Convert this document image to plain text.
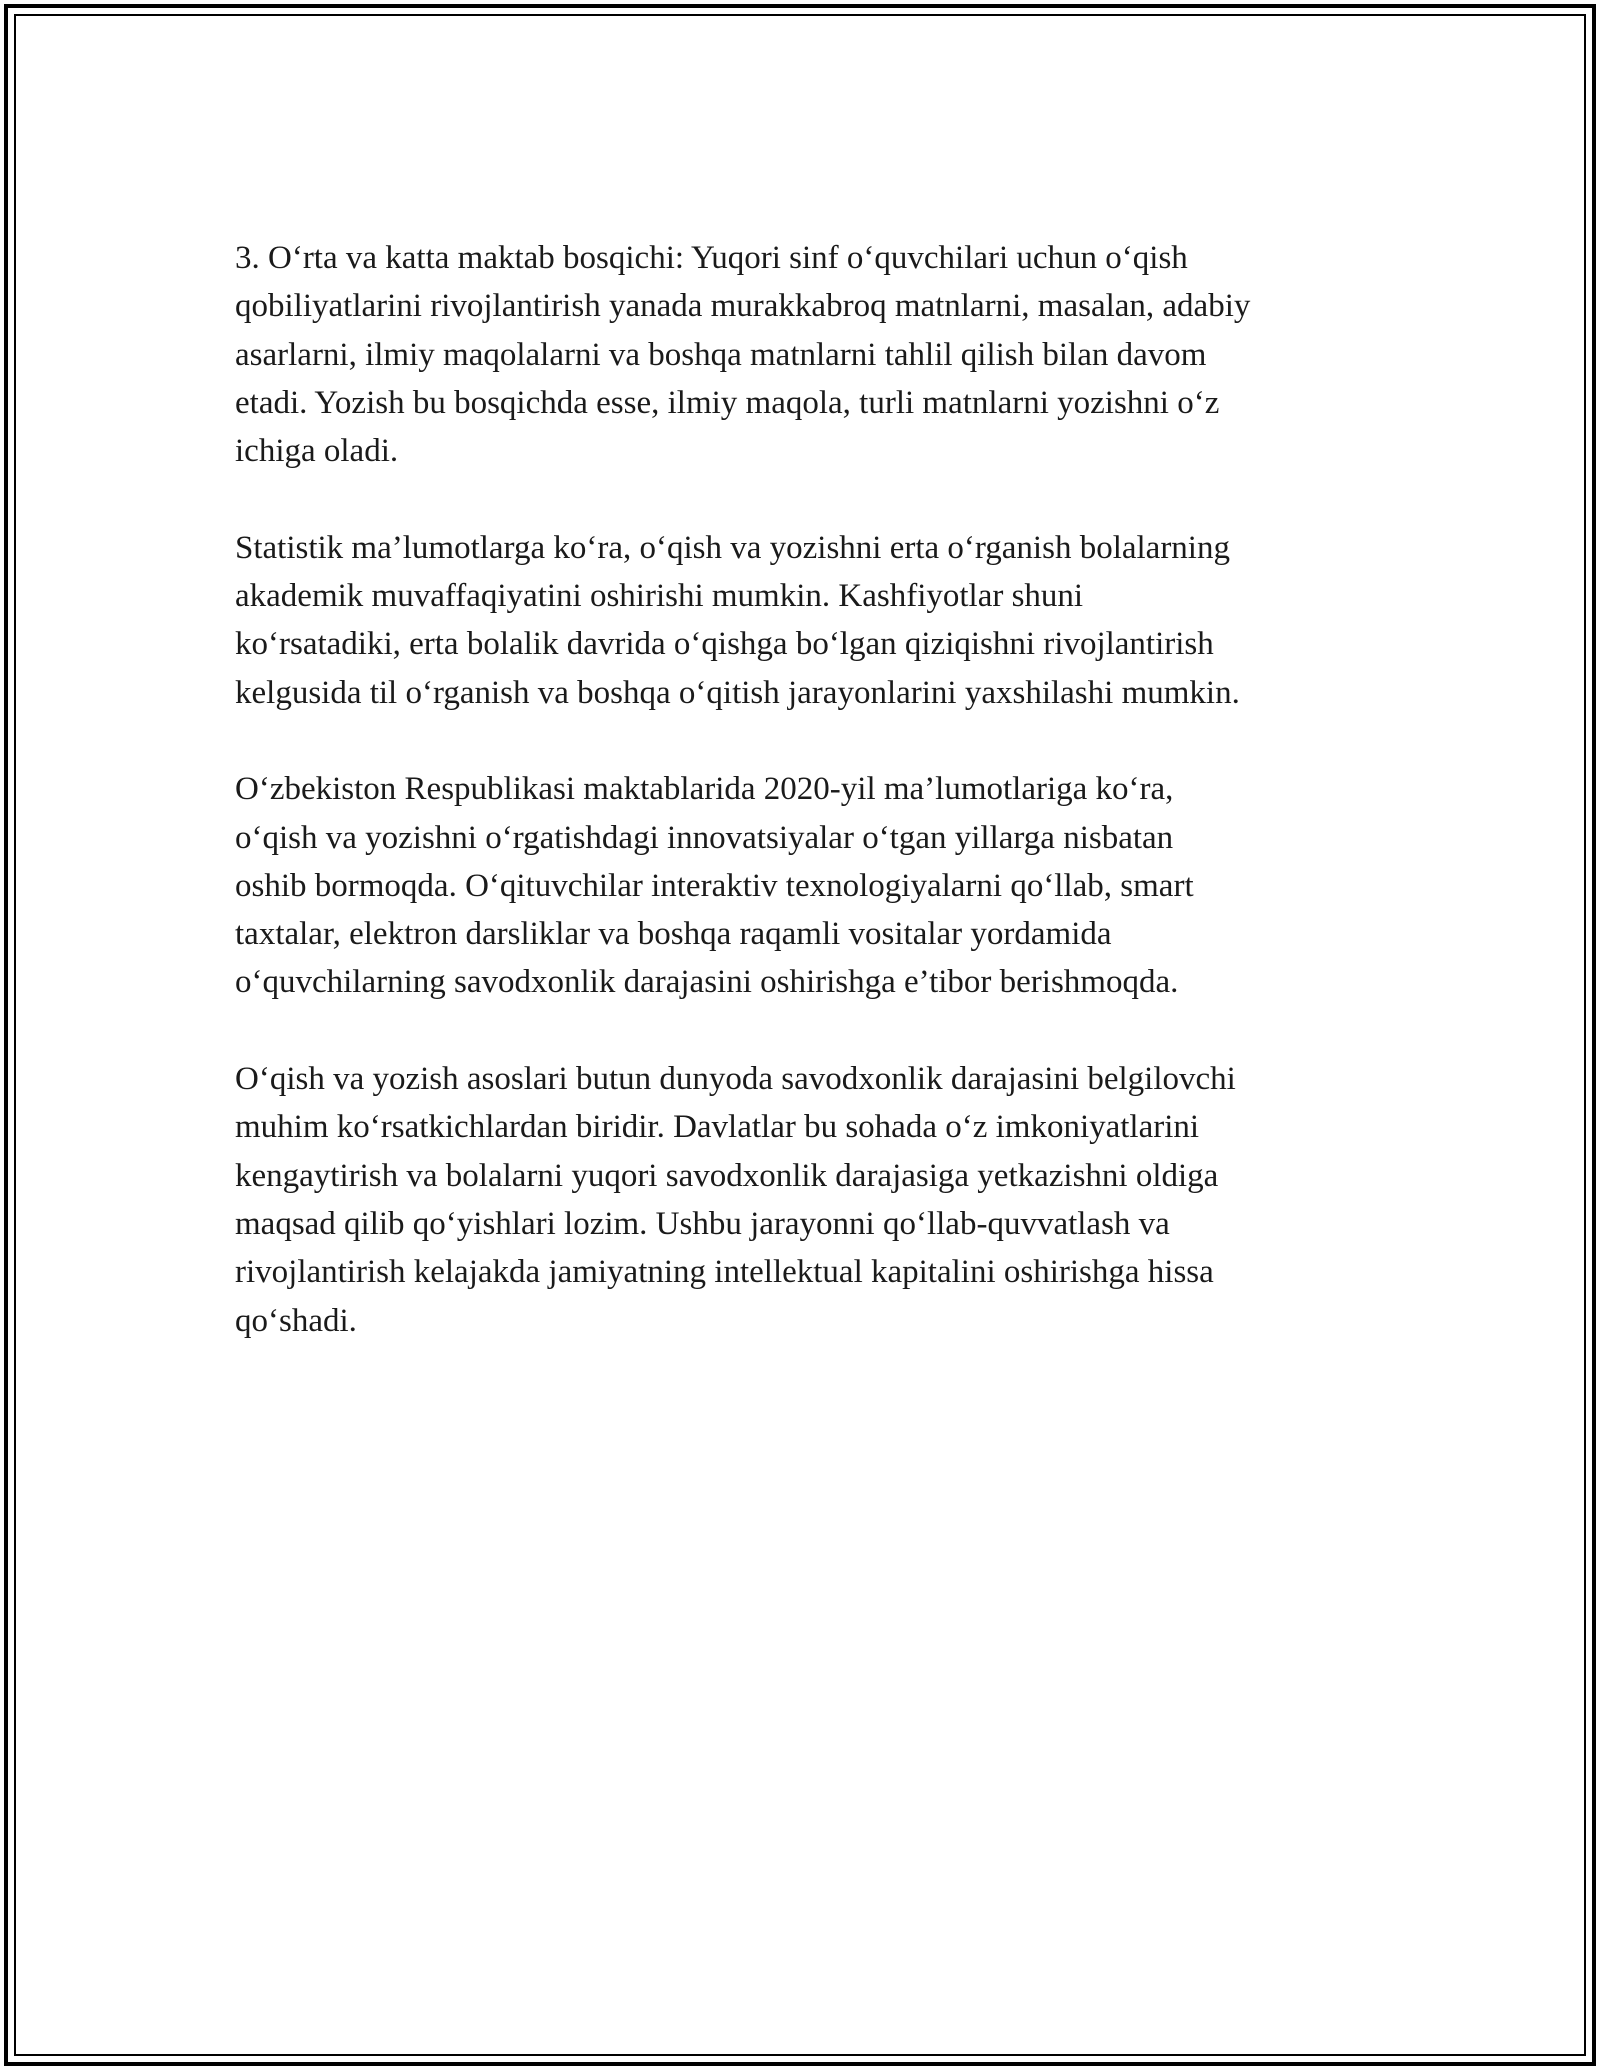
3. O‘rta va katta maktab bosqichi: Yuqori sinf o‘quvchilari uchun o‘qish
qobiliyatlarini rivojlantirish yanada murakkabroq matnlarni, masalan, adabiy
asarlarni, ilmiy maqolalarni va boshqa matnlarni tahlil qilish bilan davom
etadi. Yozish bu bosqichda esse, ilmiy maqola, turli matnlarni yozishni o‘z
ichiga oladi.

Statistik ma’lumotlarga ko‘ra, o‘qish va yozishni erta o‘rganish bolalarning
akademik muvaffaqiyatini oshirishi mumkin. Kashfiyotlar shuni
ko‘rsatadiki, erta bolalik davrida o‘qishga bo‘lgan qiziqishni rivojlantirish
kelgusida til o‘rganish va boshqa o‘qitish jarayonlarini yaxshilashi mumkin.

O‘zbekiston Respublikasi maktablarida 2020-yil ma’lumotlariga ko‘ra,
o‘qish va yozishni o‘rgatishdagi innovatsiyalar o‘tgan yillarga nisbatan
oshib bormoqda. O‘qituvchilar interaktiv texnologiyalarni qo‘llab, smart
taxtalar, elektron darsliklar va boshqa raqamli vositalar yordamida
o‘quvchilarning savodxonlik darajasini oshirishga e’tibor berishmoqda.

O‘qish va yozish asoslari butun dunyoda savodxonlik darajasini belgilovchi
muhim ko‘rsatkichlardan biridir. Davlatlar bu sohada o‘z imkoniyatlarini
kengaytirish va bolalarni yuqori savodxonlik darajasiga yetkazishni oldiga
maqsad qilib qo‘yishlari lozim. Ushbu jarayonni qo‘llab-quvvatlash va
rivojlantirish kelajakda jamiyatning intellektual kapitalini oshirishga hissa
qo‘shadi.
